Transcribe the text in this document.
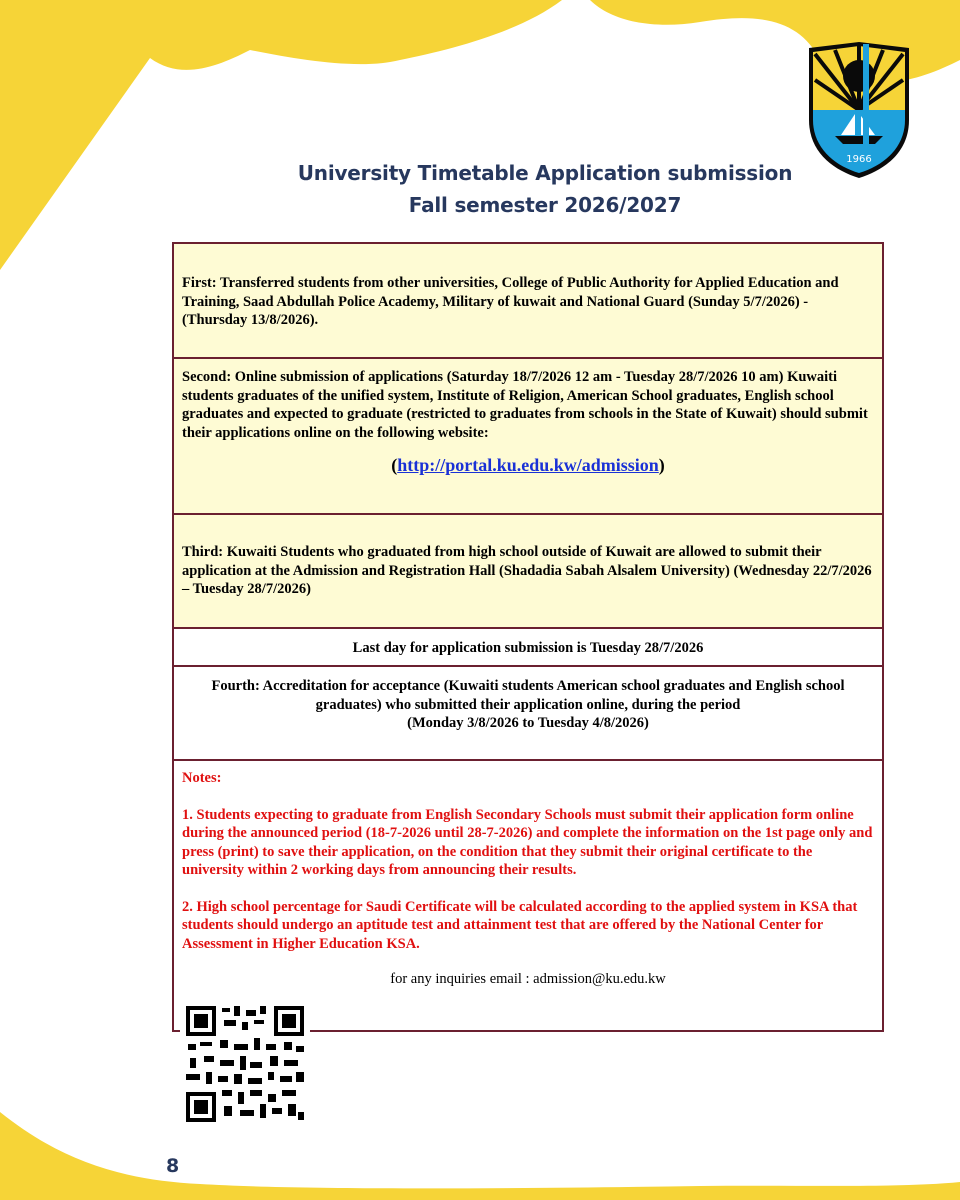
1966
University Timetable Application submission
Fall semester 2026/2027
First: Transferred students from other universities, College of Public Authority for Applied Education and Training, Saad Abdullah Police Academy, Military of kuwait and National Guard (Sunday 5/7/2026) - (Thursday 13/8/2026).
Second: Online submission of applications (Saturday 18/7/2026 12 am - Tuesday 28/7/2026 10 am) Kuwaiti students graduates of the unified system, Institute of Religion, American School graduates, English school graduates and expected to graduate (restricted to graduates from schools in the State of Kuwait) should submit their applications online on the following website:
(http://portal.ku.edu.kw/admission)
Third: Kuwaiti Students who graduated from high school outside of Kuwait are allowed to submit their application at the Admission and Registration Hall (Shadadia Sabah Alsalem University) (Wednesday 22/7/2026 – Tuesday 28/7/2026)
Last day for application submission is Tuesday 28/7/2026
Fourth: Accreditation for acceptance (Kuwaiti students American school graduates and English school graduates) who submitted their application online, during the period
(Monday 3/8/2026 to Tuesday 4/8/2026)
Notes:
1. Students expecting to graduate from English Secondary Schools must submit their application form online during the announced period (18-7-2026 until 28-7-2026) and complete the information on the 1st page only and press (print) to save their application, on the condition that they submit their original certificate to the university within 2 working days from announcing their results.
2. High school percentage for Saudi Certificate will be calculated according to the applied system in KSA that students should undergo an aptitude test and attainment test that are offered by the National Center for Assessment in Higher Education KSA.
for any inquiries email : admission@ku.edu.kw
8
